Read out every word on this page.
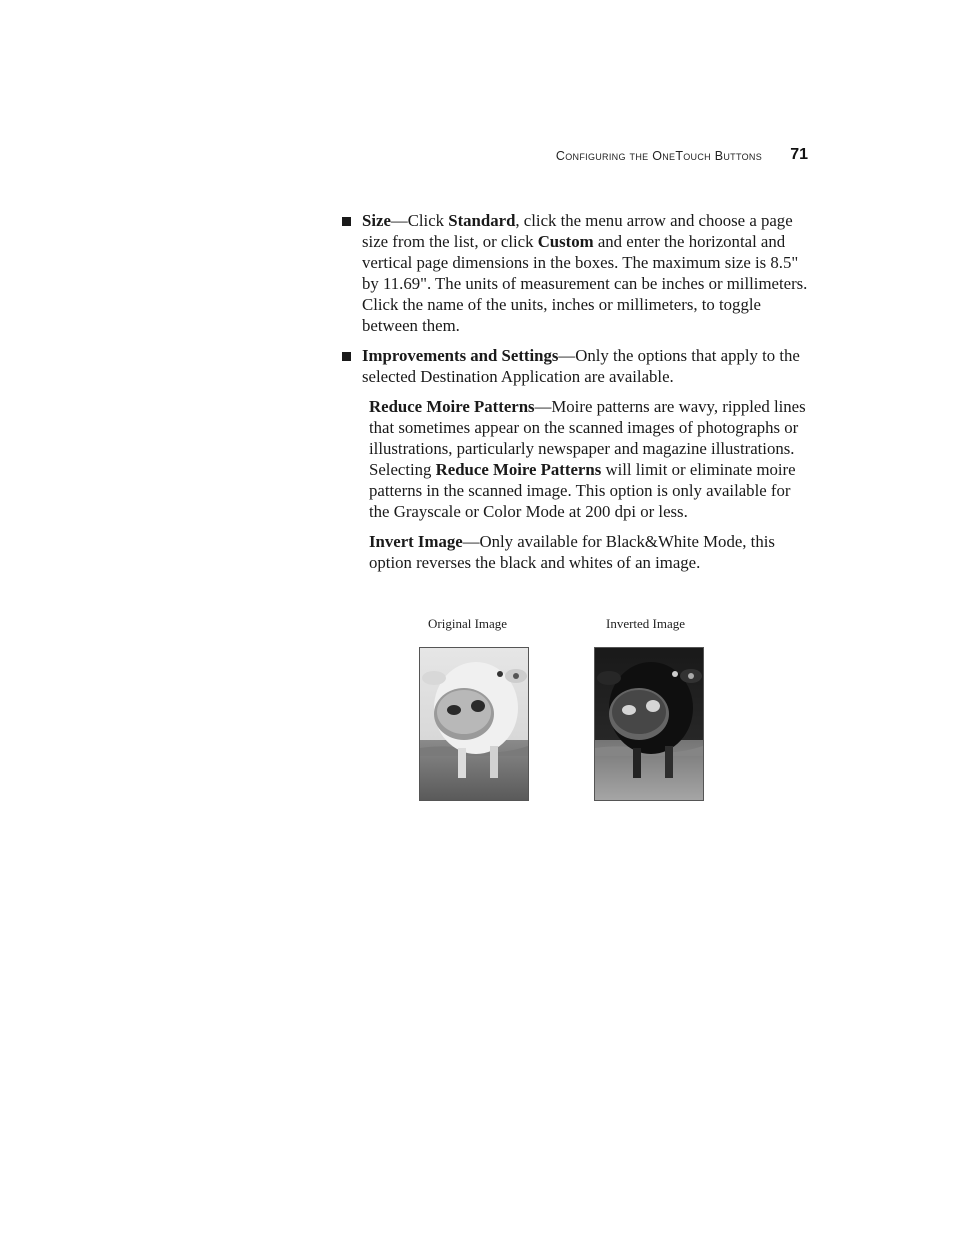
Configuring the OneTouch Buttons 71
Size—Click Standard, click the menu arrow and choose a page size from the list, or click Custom and enter the horizontal and vertical page dimensions in the boxes. The maximum size is 8.5" by 11.69". The units of measurement can be inches or millimeters. Click the name of the units, inches or millimeters, to toggle between them.
Improvements and Settings—Only the options that apply to the selected Destination Application are available.
Reduce Moire Patterns—Moire patterns are wavy, rippled lines that sometimes appear on the scanned images of photographs or illustrations, particularly newspaper and magazine illustrations. Selecting Reduce Moire Patterns will limit or eliminate moire patterns in the scanned image. This option is only available for the Grayscale or Color Mode at 200 dpi or less.
Invert Image—Only available for Black&White Mode, this option reverses the black and whites of an image.
Original Image	Inverted Image
